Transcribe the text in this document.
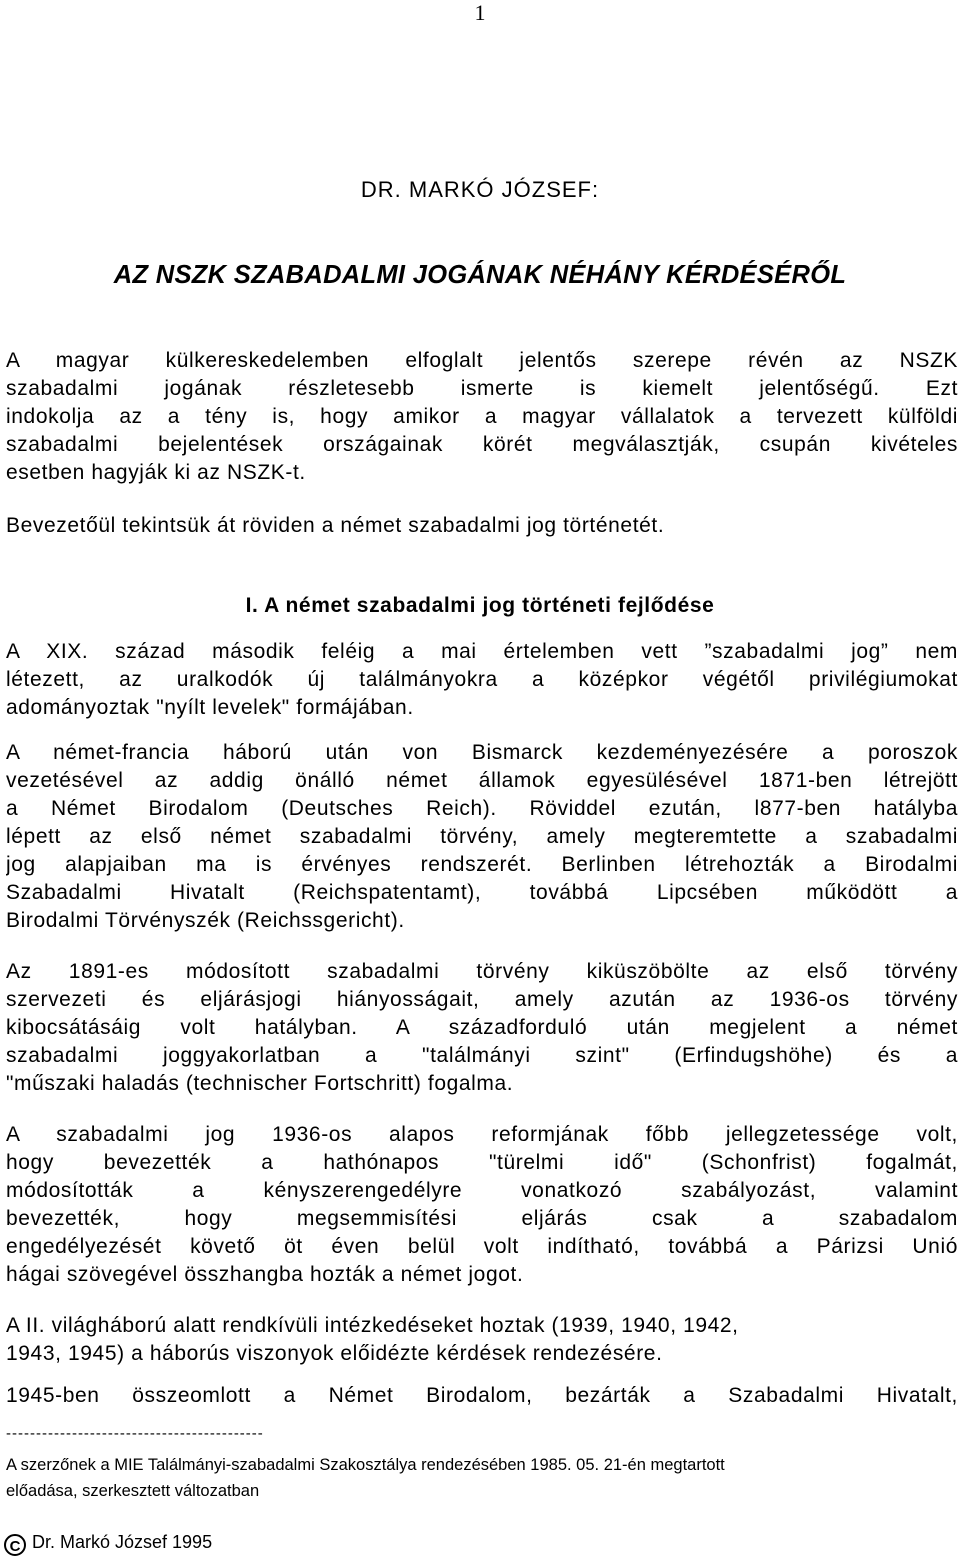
1
DR. MARKÓ JÓZSEF:
AZ NSZK SZABADALMI JOGÁNAK NÉHÁNY KÉRDÉSÉRŐL
A magyar külkereskedelemben elfoglalt jelentős szerepe révén az NSZK
szabadalmi jogának részletesebb ismerte is kiemelt jelentőségű. Ezt
indokolja az a tény is, hogy amikor a magyar vállalatok a tervezett külföldi
szabadalmi bejelentések országainak körét megválasztják, csupán kivételes
esetben hagyják ki az NSZK-t.
Bevezetőül tekintsük át röviden a német szabadalmi jog történetét.
I. A német szabadalmi jog történeti fejlődése
A XIX. század második feléig a mai értelemben vett ”szabadalmi jog” nem
létezett, az uralkodók új találmányokra a középkor végétől privilégiumokat
adományoztak "nyílt levelek" formájában.
A német-francia háború után von Bismarck kezdeményezésére a poroszok
vezetésével az addig önálló német államok egyesülésével 1871-ben létrejött
a Német Birodalom (Deutsches Reich). Röviddel ezután, l877-ben hatályba
lépett az első német szabadalmi törvény, amely megteremtette a szabadalmi
jog alapjaiban ma is érvényes rendszerét. Berlinben létrehozták a Birodalmi
Szabadalmi Hivatalt (Reichspatentamt), továbbá Lipcsében működött a
Birodalmi Törvényszék (Reichssgericht).
Az 1891-es módosított szabadalmi törvény kiküszöbölte az első törvény
szervezeti és eljárásjogi hiányosságait, amely azután az 1936-os törvény
kibocsátásáig volt hatályban. A századforduló után megjelent a német
szabadalmi joggyakorlatban a "találmányi szint" (Erfindugshöhe) és a
"műszaki haladás (technischer Fortschritt) fogalma.
A szabadalmi jog 1936-os alapos reformjának főbb jellegzetessége volt,
hogy bevezették a hathónapos "türelmi idő" (Schonfrist) fogalmát,
módosították a kényszerengedélyre vonatkozó szabályozást, valamint
bevezették, hogy megsemmisítési eljárás csak a szabadalom
engedélyezését követő öt éven belül volt indítható, továbbá a Párizsi Unió
hágai szövegével összhangba hozták a német jogot.
A II. világháború alatt rendkívüli intézkedéseket hoztak (1939, 1940, 1942,
1943, 1945) a háborús viszonyok előidézte kérdések rendezésére.
1945-ben összeomlott a Német Birodalom, bezárták a Szabadalmi Hivatalt,
-------------------------------------------
A szerzőnek a MIE Találmányi-szabadalmi Szakosztálya rendezésében 1985. 05. 21-én megtartott
előadása, szerkesztett változatban
C Dr. Markó József 1995
